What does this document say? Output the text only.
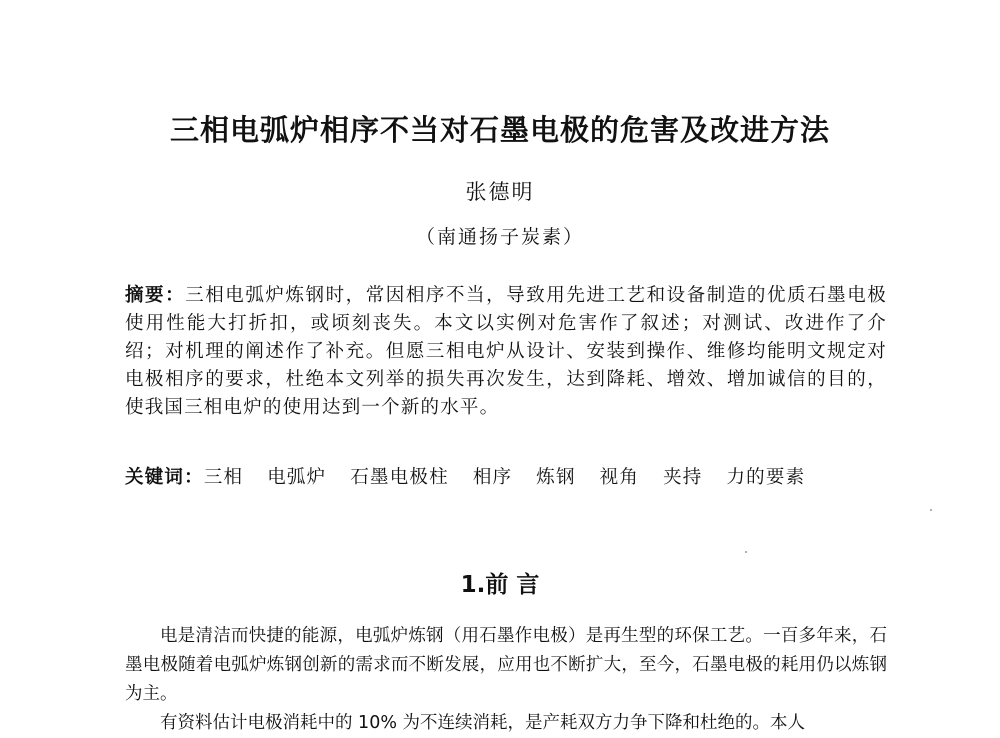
三相电弧炉相序不当对石墨电极的危害及改进方法
张德明
（南通扬子炭素）
摘要：三相电弧炉炼钢时，常因相序不当，导致用先进工艺和设备制造的优质石墨电极使用性能大打折扣，或顷刻丧失。本文以实例对危害作了叙述；对测试、改进作了介绍；对机理的阐述作了补充。但愿三相电炉从设计、安装到操作、维修均能明文规定对电极相序的要求，杜绝本文列举的损失再次发生，达到降耗、增效、增加诚信的目的，使我国三相电炉的使用达到一个新的水平。
关键词：三相 电弧炉 石墨电极柱 相序 炼钢 视角 夹持 力的要素
1.前 言

电是清洁而快捷的能源，电弧炉炼钢（用石墨作电极）是再生型的环保工艺。一百多年来，石墨电极随着电弧炉炼钢创新的需求而不断发展，应用也不断扩大，至今，石墨电极的耗用仍以炼钢为主。

有资料估计电极消耗中的 10% 为不连续消耗，是产耗双方力争下降和杜绝的。本人
